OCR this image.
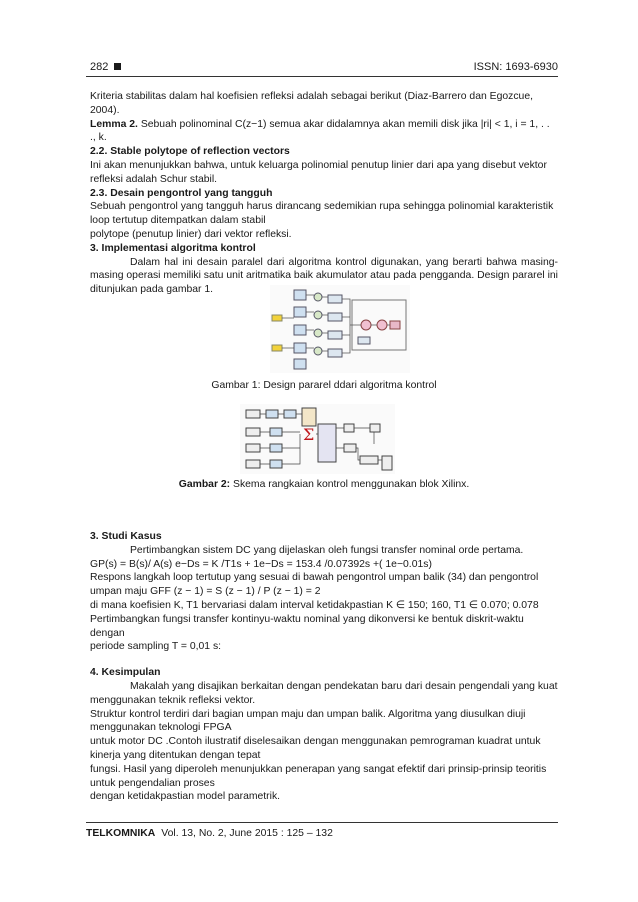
282	ISSN: 1693-6930

Kriteria stabilitas dalam hal koefisien refleksi adalah sebagai berikut (Diaz-Barrero dan Egozcue, 2004).

Lemma 2. Sebuah polinominal C(z−1) semua akar didalamnya akan memili disk jika |ri| < 1, i = 1, . . ., k.

2.2. Stable polytope of reflection vectors

Ini akan menunjukkan bahwa, untuk keluarga polinomial penutup linier dari apa yang disebut vektor refleksi adalah Schur stabil.

2.3. Desain pengontrol yang tangguh

Sebuah pengontrol yang tangguh harus dirancang sedemikian rupa sehingga polinomial karakteristik loop tertutup ditempatkan dalam stabil

polytope (penutup linier) dari vektor refleksi.

3. Implementasi algoritma kontrol

Dalam hal ini desain paralel dari algoritma kontrol digunakan, yang berarti bahwa masing-masing operasi memiliki satu unit aritmatika baik akumulator atau pada pengganda. Design pararel ini ditunjukan pada gambar 1.

Gambar 1: Design pararel ddari algoritma kontrol
Σ
Gambar 2: Skema rangkaian kontrol menggunakan blok Xilinx.

3. Studi Kasus

Pertimbangkan sistem DC yang dijelaskan oleh fungsi transfer nominal orde pertama.

GP(s) = B(s)/ A(s) e−Ds = K /T1s + 1e−Ds = 153.4 /0.07392s +( 1e−0.01s)

Respons langkah loop tertutup yang sesuai di bawah pengontrol umpan balik (34) dan pengontrol umpan maju GFF (z − 1) = S (z − 1) / P (z − 1) = 2

di mana koefisien K, T1 bervariasi dalam interval ketidakpastian K ∈ 150; 160, T1 ∈ 0.070; 0.078 Pertimbangkan fungsi transfer kontinyu-waktu nominal yang dikonversi ke bentuk diskrit-waktu dengan

periode sampling T = 0,01 s:

4. Kesimpulan

Makalah yang disajikan berkaitan dengan pendekatan baru dari desain pengendali yang kuat menggunakan teknik refleksi vektor.

Struktur kontrol terdiri dari bagian umpan maju dan umpan balik. Algoritma yang diusulkan diuji menggunakan teknologi FPGA

untuk motor DC .Contoh ilustratif diselesaikan dengan menggunakan pemrograman kuadrat untuk kinerja yang ditentukan dengan tepat

fungsi. Hasil yang diperoleh menunjukkan penerapan yang sangat efektif dari prinsip-prinsip teoritis untuk pengendalian proses

dengan ketidakpastian model parametrik.

TELKOMNIKA Vol. 13, No. 2, June 2015 : 125 – 132
